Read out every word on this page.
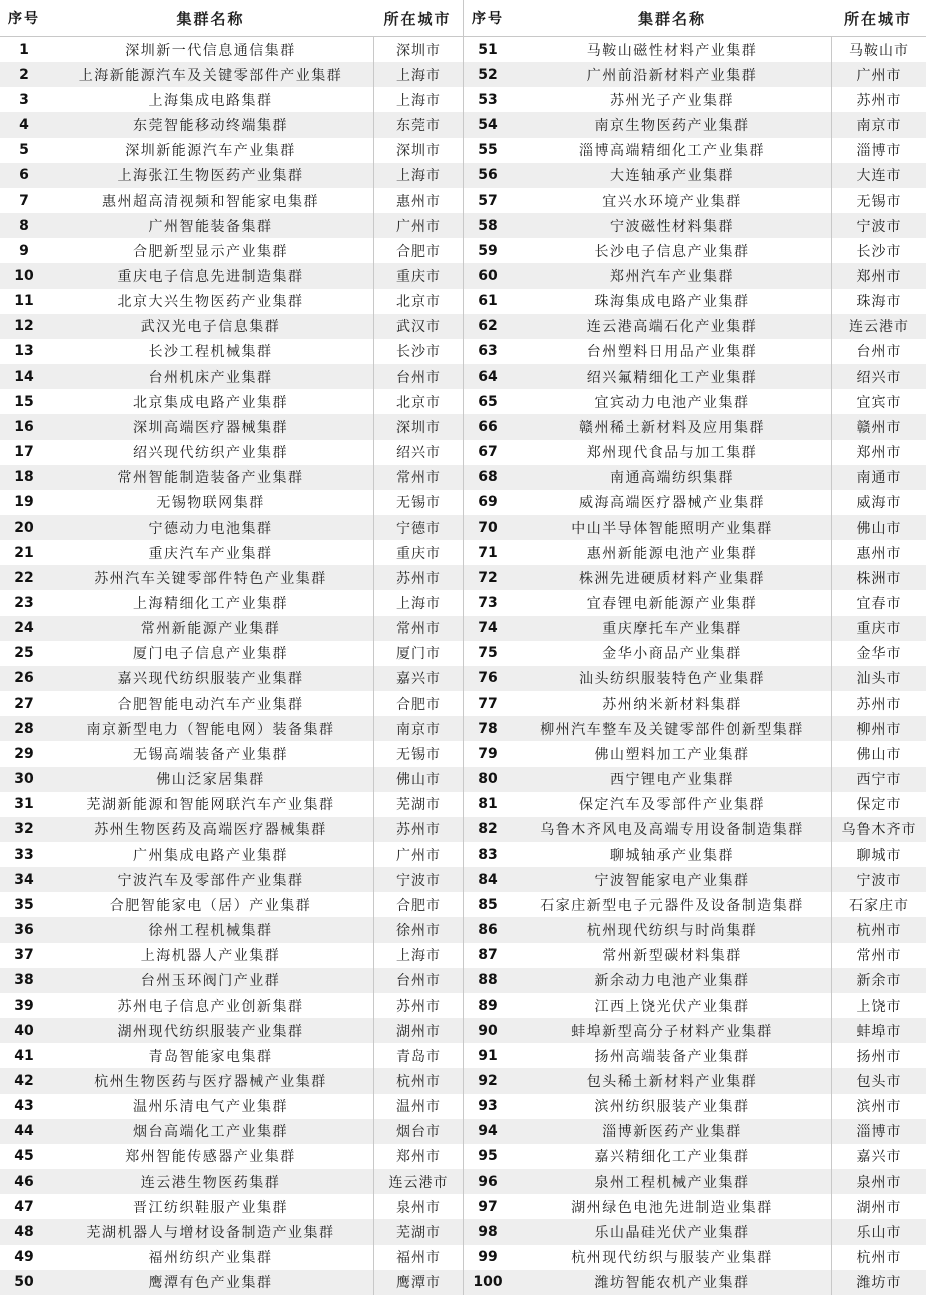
序号	集群名称	所在城市
1	深圳新一代信息通信集群	深圳市
2	上海新能源汽车及关键零部件产业集群	上海市
3	上海集成电路集群	上海市
4	东莞智能移动终端集群	东莞市
5	深圳新能源汽车产业集群	深圳市
6	上海张江生物医药产业集群	上海市
7	惠州超高清视频和智能家电集群	惠州市
8	广州智能装备集群	广州市
9	合肥新型显示产业集群	合肥市
10	重庆电子信息先进制造集群	重庆市
11	北京大兴生物医药产业集群	北京市
12	武汉光电子信息集群	武汉市
13	长沙工程机械集群	长沙市
14	台州机床产业集群	台州市
15	北京集成电路产业集群	北京市
16	深圳高端医疗器械集群	深圳市
17	绍兴现代纺织产业集群	绍兴市
18	常州智能制造装备产业集群	常州市
19	无锡物联网集群	无锡市
20	宁德动力电池集群	宁德市
21	重庆汽车产业集群	重庆市
22	苏州汽车关键零部件特色产业集群	苏州市
23	上海精细化工产业集群	上海市
24	常州新能源产业集群	常州市
25	厦门电子信息产业集群	厦门市
26	嘉兴现代纺织服装产业集群	嘉兴市
27	合肥智能电动汽车产业集群	合肥市
28	南京新型电力（智能电网）装备集群	南京市
29	无锡高端装备产业集群	无锡市
30	佛山泛家居集群	佛山市
31	芜湖新能源和智能网联汽车产业集群	芜湖市
32	苏州生物医药及高端医疗器械集群	苏州市
33	广州集成电路产业集群	广州市
34	宁波汽车及零部件产业集群	宁波市
35	合肥智能家电（居）产业集群	合肥市
36	徐州工程机械集群	徐州市
37	上海机器人产业集群	上海市
38	台州玉环阀门产业群	台州市
39	苏州电子信息产业创新集群	苏州市
40	湖州现代纺织服装产业集群	湖州市
41	青岛智能家电集群	青岛市
42	杭州生物医药与医疗器械产业集群	杭州市
43	温州乐清电气产业集群	温州市
44	烟台高端化工产业集群	烟台市
45	郑州智能传感器产业集群	郑州市
46	连云港生物医药集群	连云港市
47	晋江纺织鞋服产业集群	泉州市
48	芜湖机器人与增材设备制造产业集群	芜湖市
49	福州纺织产业集群	福州市
50	鹰潭有色产业集群	鹰潭市
序号	集群名称	所在城市
51	马鞍山磁性材料产业集群	马鞍山市
52	广州前沿新材料产业集群	广州市
53	苏州光子产业集群	苏州市
54	南京生物医药产业集群	南京市
55	淄博高端精细化工产业集群	淄博市
56	大连轴承产业集群	大连市
57	宜兴水环境产业集群	无锡市
58	宁波磁性材料集群	宁波市
59	长沙电子信息产业集群	长沙市
60	郑州汽车产业集群	郑州市
61	珠海集成电路产业集群	珠海市
62	连云港高端石化产业集群	连云港市
63	台州塑料日用品产业集群	台州市
64	绍兴氟精细化工产业集群	绍兴市
65	宜宾动力电池产业集群	宜宾市
66	赣州稀土新材料及应用集群	赣州市
67	郑州现代食品与加工集群	郑州市
68	南通高端纺织集群	南通市
69	威海高端医疗器械产业集群	威海市
70	中山半导体智能照明产业集群	佛山市
71	惠州新能源电池产业集群	惠州市
72	株洲先进硬质材料产业集群	株洲市
73	宜春锂电新能源产业集群	宜春市
74	重庆摩托车产业集群	重庆市
75	金华小商品产业集群	金华市
76	汕头纺织服装特色产业集群	汕头市
77	苏州纳米新材料集群	苏州市
78	柳州汽车整车及关键零部件创新型集群	柳州市
79	佛山塑料加工产业集群	佛山市
80	西宁锂电产业集群	西宁市
81	保定汽车及零部件产业集群	保定市
82	乌鲁木齐风电及高端专用设备制造集群	乌鲁木齐市
83	聊城轴承产业集群	聊城市
84	宁波智能家电产业集群	宁波市
85	石家庄新型电子元器件及设备制造集群	石家庄市
86	杭州现代纺织与时尚集群	杭州市
87	常州新型碳材料集群	常州市
88	新余动力电池产业集群	新余市
89	江西上饶光伏产业集群	上饶市
90	蚌埠新型高分子材料产业集群	蚌埠市
91	扬州高端装备产业集群	扬州市
92	包头稀土新材料产业集群	包头市
93	滨州纺织服装产业集群	滨州市
94	淄博新医药产业集群	淄博市
95	嘉兴精细化工产业集群	嘉兴市
96	泉州工程机械产业集群	泉州市
97	湖州绿色电池先进制造业集群	湖州市
98	乐山晶硅光伏产业集群	乐山市
99	杭州现代纺织与服装产业集群	杭州市
100	潍坊智能农机产业集群	潍坊市
